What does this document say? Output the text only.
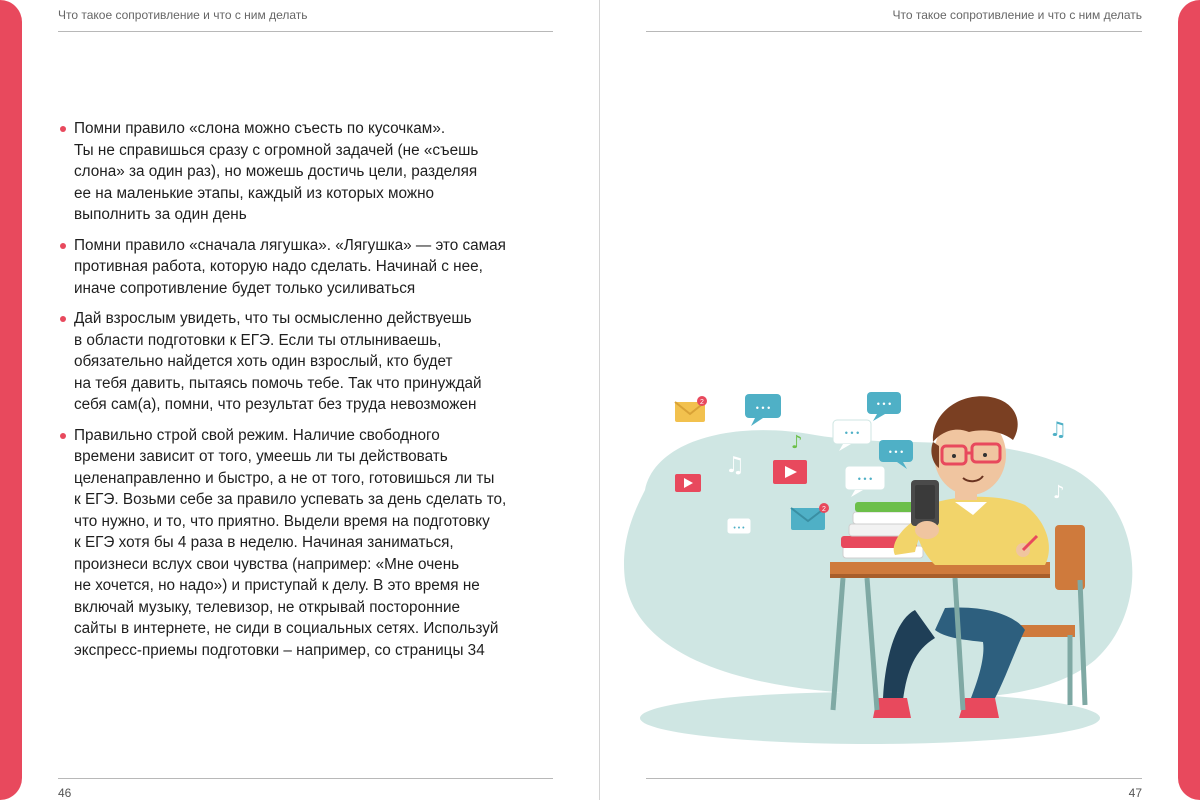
Что такое сопротивление и что с ним делать	Что такое сопротивление и что с ним делать
Помни правило «слона можно съесть по кусочкам».
Ты не справишься сразу с огромной задачей (не «съешь
слона» за один раз), но можешь достичь цели, разделяя
ее на маленькие этапы, каждый из которых можно
выполнить за один день
Помни правило «сначала лягушка». «Лягушка» — это самая
противная работа, которую надо сделать. Начинай с нее,
иначе сопротивление будет только усиливаться
Дай взрослым увидеть, что ты осмысленно действуешь
в области подготовки к ЕГЭ. Если ты отлыниваешь,
обязательно найдется хоть один взрослый, кто будет
на тебя давить, пытаясь помочь тебе. Так что принуждай
себя сам(а), помни, что результат без труда невозможен
Правильно строй свой режим. Наличие свободного
времени зависит от того, умеешь ли ты действовать
целенаправленно и быстро, а не от того, готовишься ли ты
к ЕГЭ. Возьми себе за правило успевать за день сделать то,
что нужно, и то, что приятно. Выдели время на подготовку
к ЕГЭ хотя бы 4 раза в неделю. Начиная заниматься,
произнеси вслух свои чувства (например: «Мне очень
не хочется, но надо») и приступай к делу. В это время не
включай музыку, телевизор, не открывай посторонние
сайты в интернете, не сиди в социальных сетях. Используй
экспресс-приемы подготовки – например, со страницы 34
2
• • •	• • •
• • •
• • •
• • •
• • •
2
♫
♪
♫
♪
46	47
